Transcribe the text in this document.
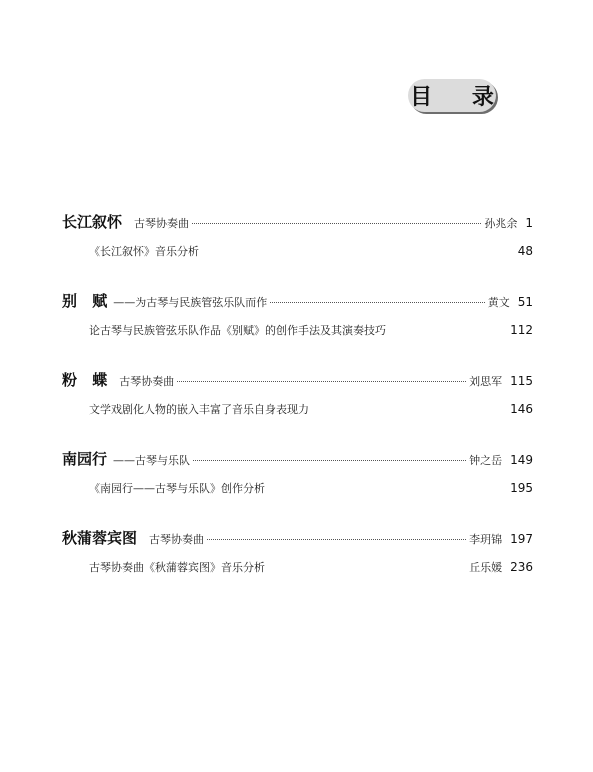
目 录
长江叙怀 古琴协奏曲	孙兆余 1
《长江叙怀》音乐分析	48
别 赋 ——为古琴与民族管弦乐队而作	黄文 51
论古琴与民族管弦乐队作品《别赋》的创作手法及其演奏技巧	112
粉 蝶 古琴协奏曲	刘思军 115
文学戏剧化人物的嵌入丰富了音乐自身表现力	146
南园行 ——古琴与乐队	钟之岳 149
《南园行——古琴与乐队》创作分析	195
秋蒲蓉宾图 古琴协奏曲	李玥锦 197
古琴协奏曲《秋蒲蓉宾图》音乐分析	丘乐媛 236
